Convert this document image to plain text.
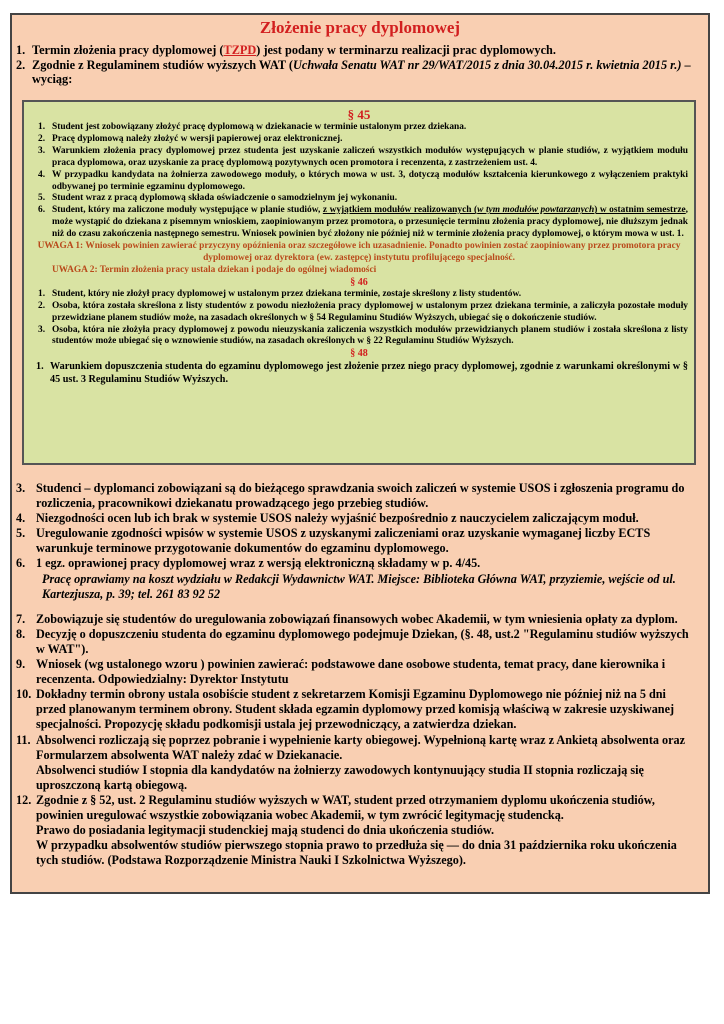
Złożenie pracy dyplomowej
1. Termin złożenia pracy dyplomowej (TZPD) jest podany w terminarzu realizacji prac dyplomowych.
2. Zgodnie z Regulaminem studiów wyższych WAT (Uchwała Senatu WAT nr 29/WAT/2015 z dnia 30.04.2015 r. kwietnia 2015 r.) – wyciąg:
§ 45
1. Student jest zobowiązany złożyć pracę dyplomową w dziekanacie w terminie ustalonym przez dziekana.
2. Pracę dyplomową należy złożyć w wersji papierowej oraz elektronicznej.
3. Warunkiem złożenia pracy dyplomowej przez studenta jest uzyskanie zaliczeń wszystkich modułów występujących w planie studiów, z wyjątkiem modułu praca dyplomowa, oraz uzyskanie za pracę dyplomową pozytywnych ocen promotora i recenzenta, z zastrzeżeniem ust. 4.
4. W przypadku kandydata na żołnierza zawodowego moduły, o których mowa w ust. 3, dotyczą modułów kształcenia kierunkowego z wyłączeniem praktyki odbywanej po terminie egzaminu dyplomowego.
5. Student wraz z pracą dyplomową składa oświadczenie o samodzielnym jej wykonaniu.
6. Student, który ma zaliczone moduły występujące w planie studiów, z wyjątkiem modułów realizowanych (w tym modułów powtarzanych) w ostatnim semestrze, może wystąpić do dziekana z pisemnym wnioskiem, zaopiniowanym przez promotora, o przesunięcie terminu złożenia pracy dyplomowej, nie dłuższym jednak niż do czasu zakończenia następnego semestru. Wniosek powinien być złożony nie później niż w terminie złożenia pracy dyplomowej, o którym mowa w ust. 1.
UWAGA 1: Wniosek powinien zawierać przyczyny opóźnienia oraz szczegółowe ich uzasadnienie. Ponadto powinien zostać zaopiniowany przez promotora pracy dyplomowej oraz dyrektora (ew. zastępcę) instytutu profilującego specjalność.
UWAGA 2: Termin złożenia pracy ustala dziekan i podaje do ogólnej wiadomości
§ 46
1. Student, który nie złożył pracy dyplomowej w ustalonym przez dziekana terminie, zostaje skreślony z listy studentów.
2. Osoba, która została skreślona z listy studentów z powodu niezłożenia pracy dyplomowej w ustalonym przez dziekana terminie, a zaliczyła pozostałe moduły przewidziane planem studiów może, na zasadach określonych w § 54 Regulaminu Studiów Wyższych, ubiegać się o dokończenie studiów.
3. Osoba, która nie złożyła pracy dyplomowej z powodu nieuzyskania zaliczenia wszystkich modułów przewidzianych planem studiów i została skreślona z listy studentów może ubiegać się o wznowienie studiów, na zasadach określonych w § 22 Regulaminu Studiów Wyższych.
§ 48
1. Warunkiem dopuszczenia studenta do egzaminu dyplomowego jest złożenie przez niego pracy dyplomowej, zgodnie z warunkami określonymi w § 45 ust. 3 Regulaminu Studiów Wyższych.
3. Studenci – dyplomanci zobowiązani są do bieżącego sprawdzania swoich zaliczeń w systemie USOS i zgłoszenia programu do rozliczenia, pracownikowi dziekanatu prowadzącego jego przebieg studiów.
4. Niezgodności ocen lub ich brak w systemie USOS należy wyjaśnić bezpośrednio z nauczycielem zaliczającym moduł.
5. Uregulowanie zgodności wpisów w systemie USOS z uzyskanymi zaliczeniami oraz uzyskanie wymaganej liczby ECTS warunkuje terminowe przygotowanie dokumentów do egzaminu dyplomowego.
6. 1 egz. oprawionej pracy dyplomowej wraz z wersją elektroniczną składamy w p. 4/45.
Pracę oprawiamy na koszt wydziału w Redakcji Wydawnictw WAT. Miejsce: Biblioteka Główna WAT, przyziemie, wejście od ul. Kartezjusza, p. 39; tel. 261 83 92 52
7. Zobowiązuje się studentów do uregulowania zobowiązań finansowych wobec Akademii, w tym wniesienia opłaty za dyplom.
8. Decyzję o dopuszczeniu studenta do egzaminu dyplomowego podejmuje Dziekan, (§. 48, ust.2 "Regulaminu studiów wyższych w WAT").
9. Wniosek (wg ustalonego wzoru ) powinien zawierać: podstawowe dane osobowe studenta, temat pracy, dane kierownika i recenzenta. Odpowiedzialny: Dyrektor Instytutu
10. Dokładny termin obrony ustala osobiście student z sekretarzem Komisji Egzaminu Dyplomowego nie później niż na 5 dni przed planowanym terminem obrony. Student składa egzamin dyplomowy przed komisją właściwą w zakresie uzyskiwanej specjalności. Propozycję składu podkomisji ustala jej przewodniczący, a zatwierdza dziekan.
11. Absolwenci rozliczają się poprzez pobranie i wypełnienie karty obiegowej. Wypełnioną kartę wraz z Ankietą absolwenta oraz Formularzem absolwenta WAT należy zdać w Dziekanacie.
Absolwenci studiów I stopnia dla kandydatów na żołnierzy zawodowych kontynuujący studia II stopnia rozliczają się uproszczoną kartą obiegową.
12. Zgodnie z § 52, ust. 2 Regulaminu studiów wyższych w WAT, student przed otrzymaniem dyplomu ukończenia studiów, powinien uregulować wszystkie zobowiązania wobec Akademii, w tym zwrócić legitymację studencką.
Prawo do posiadania legitymacji studenckiej mają studenci do dnia ukończenia studiów.
W przypadku absolwentów studiów pierwszego stopnia prawo to przedłuża się — do dnia 31 października roku ukończenia tych studiów. (Podstawa Rozporządzenie Ministra Nauki I Szkolnictwa Wyższego).
